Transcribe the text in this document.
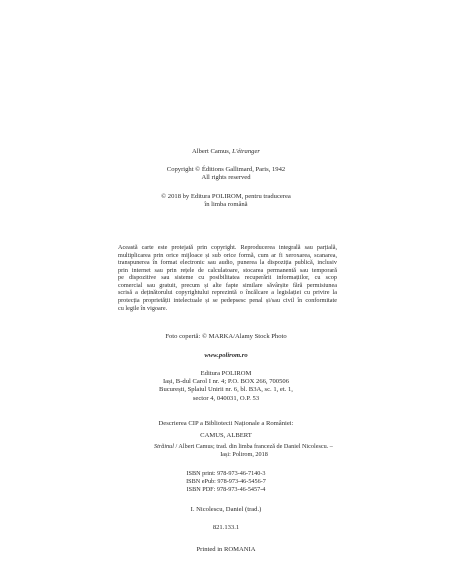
Albert Camus, L'étranger
Copyright © Éditions Gallimard, Paris, 1942
All rights reserved
© 2018 by Editura POLIROM, pentru traducerea
în limba română
Această carte este protejată prin copyright. Reproducerea integrală sau parțială,
multiplicarea prin orice mijloace și sub orice formă, cum ar fi xeroxarea, scanarea,
transpunerea în format electronic sau audio, punerea la dispoziția publică, inclusiv
prin internet sau prin rețele de calculatoare, stocarea permanentă sau temporară
pe dispozitive sau sisteme cu posibilitatea recuperării informațiilor, cu scop
comercial sau gratuit, precum și alte fapte similare săvârșite fără permisiunea
scrisă a deținătorului copyrightului reprezintă o încălcare a legislației cu privire la
protecția proprietății intelectuale și se pedepsesc penal și/sau civil în conformitate
cu legile în vigoare.
Foto copertă: © MARKA/Alamy Stock Photo
www.polirom.ro
Editura POLIROM
Iași, B-dul Carol I nr. 4; P.O. BOX 266, 700506
București, Splaiul Unirii nr. 6, bl. B3A, sc. 1, et. 1,
sector 4, 040031, O.P. 53
Descrierea CIP a Bibliotecii Naționale a României:
CAMUS, ALBERT
Străinul / Albert Camus; trad. din limba franceză de Daniel Nicolescu. –
Iași: Polirom, 2018
ISBN print: 978-973-46-7140-3
ISBN ePub: 978-973-46-5456-7
ISBN PDF: 978-973-46-5457-4
I. Nicolescu, Daniel (trad.)
821.133.1
Printed in ROMANIA
